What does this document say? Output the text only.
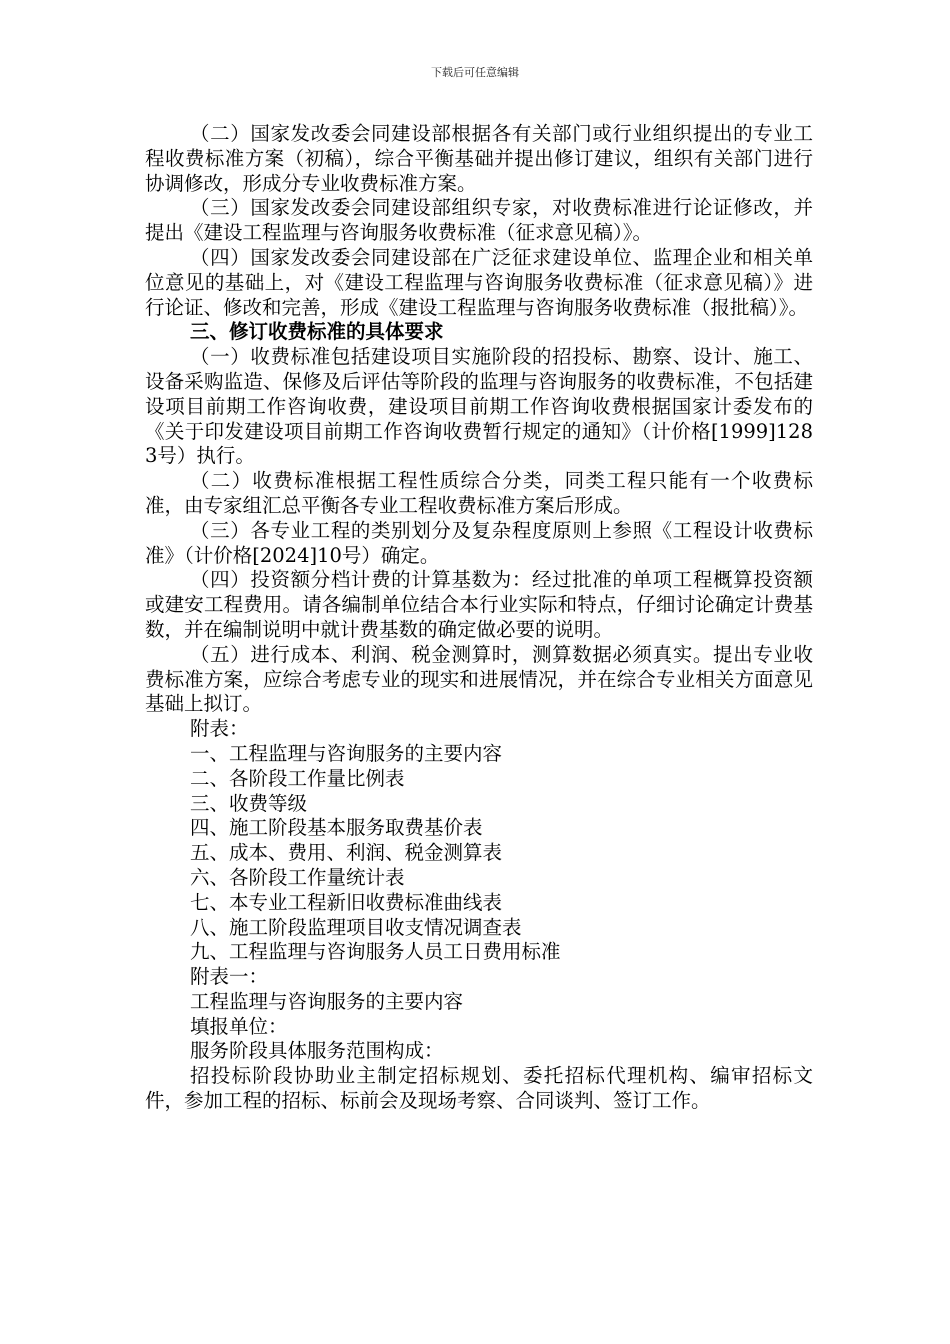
下载后可任意编辑

（二）国家发改委会同建设部根据各有关部门或行业组织提出的专业工程收费标准方案（初稿），综合平衡基础并提出修订建议，组织有关部门进行协调修改，形成分专业收费标准方案。

（三）国家发改委会同建设部组织专家，对收费标准进行论证修改，并提出《建设工程监理与咨询服务收费标准（征求意见稿）》。

（四）国家发改委会同建设部在广泛征求建设单位、监理企业和相关单位意见的基础上，对《建设工程监理与咨询服务收费标准（征求意见稿）》进行论证、修改和完善，形成《建设工程监理与咨询服务收费标准（报批稿）》。

三、修订收费标准的具体要求

（一）收费标准包括建设项目实施阶段的招投标、勘察、设计、施工、设备采购监造、保修及后评估等阶段的监理与咨询服务的收费标准，不包括建设项目前期工作咨询收费，建设项目前期工作咨询收费根据国家计委发布的《关于印发建设项目前期工作咨询收费暂行规定的通知》（计价格[1999]1283号）执行。

（二）收费标准根据工程性质综合分类，同类工程只能有一个收费标准，由专家组汇总平衡各专业工程收费标准方案后形成。

（三）各专业工程的类别划分及复杂程度原则上参照《工程设计收费标准》（计价格[2024]10号）确定。

（四）投资额分档计费的计算基数为：经过批准的单项工程概算投资额或建安工程费用。请各编制单位结合本行业实际和特点，仔细讨论确定计费基数，并在编制说明中就计费基数的确定做必要的说明。

（五）进行成本、利润、税金测算时，测算数据必须真实。提出专业收费标准方案，应综合考虑专业的现实和进展情况，并在综合专业相关方面意见基础上拟订。

附表：

一、工程监理与咨询服务的主要内容

二、各阶段工作量比例表

三、收费等级

四、施工阶段基本服务取费基价表

五、成本、费用、利润、税金测算表

六、各阶段工作量统计表

七、本专业工程新旧收费标准曲线表

八、施工阶段监理项目收支情况调查表

九、工程监理与咨询服务人员工日费用标准

附表一：

工程监理与咨询服务的主要内容

填报单位：

服务阶段具体服务范围构成：

招投标阶段协助业主制定招标规划、委托招标代理机构、编审招标文件，参加工程的招标、标前会及现场考察、合同谈判、签订工作。
